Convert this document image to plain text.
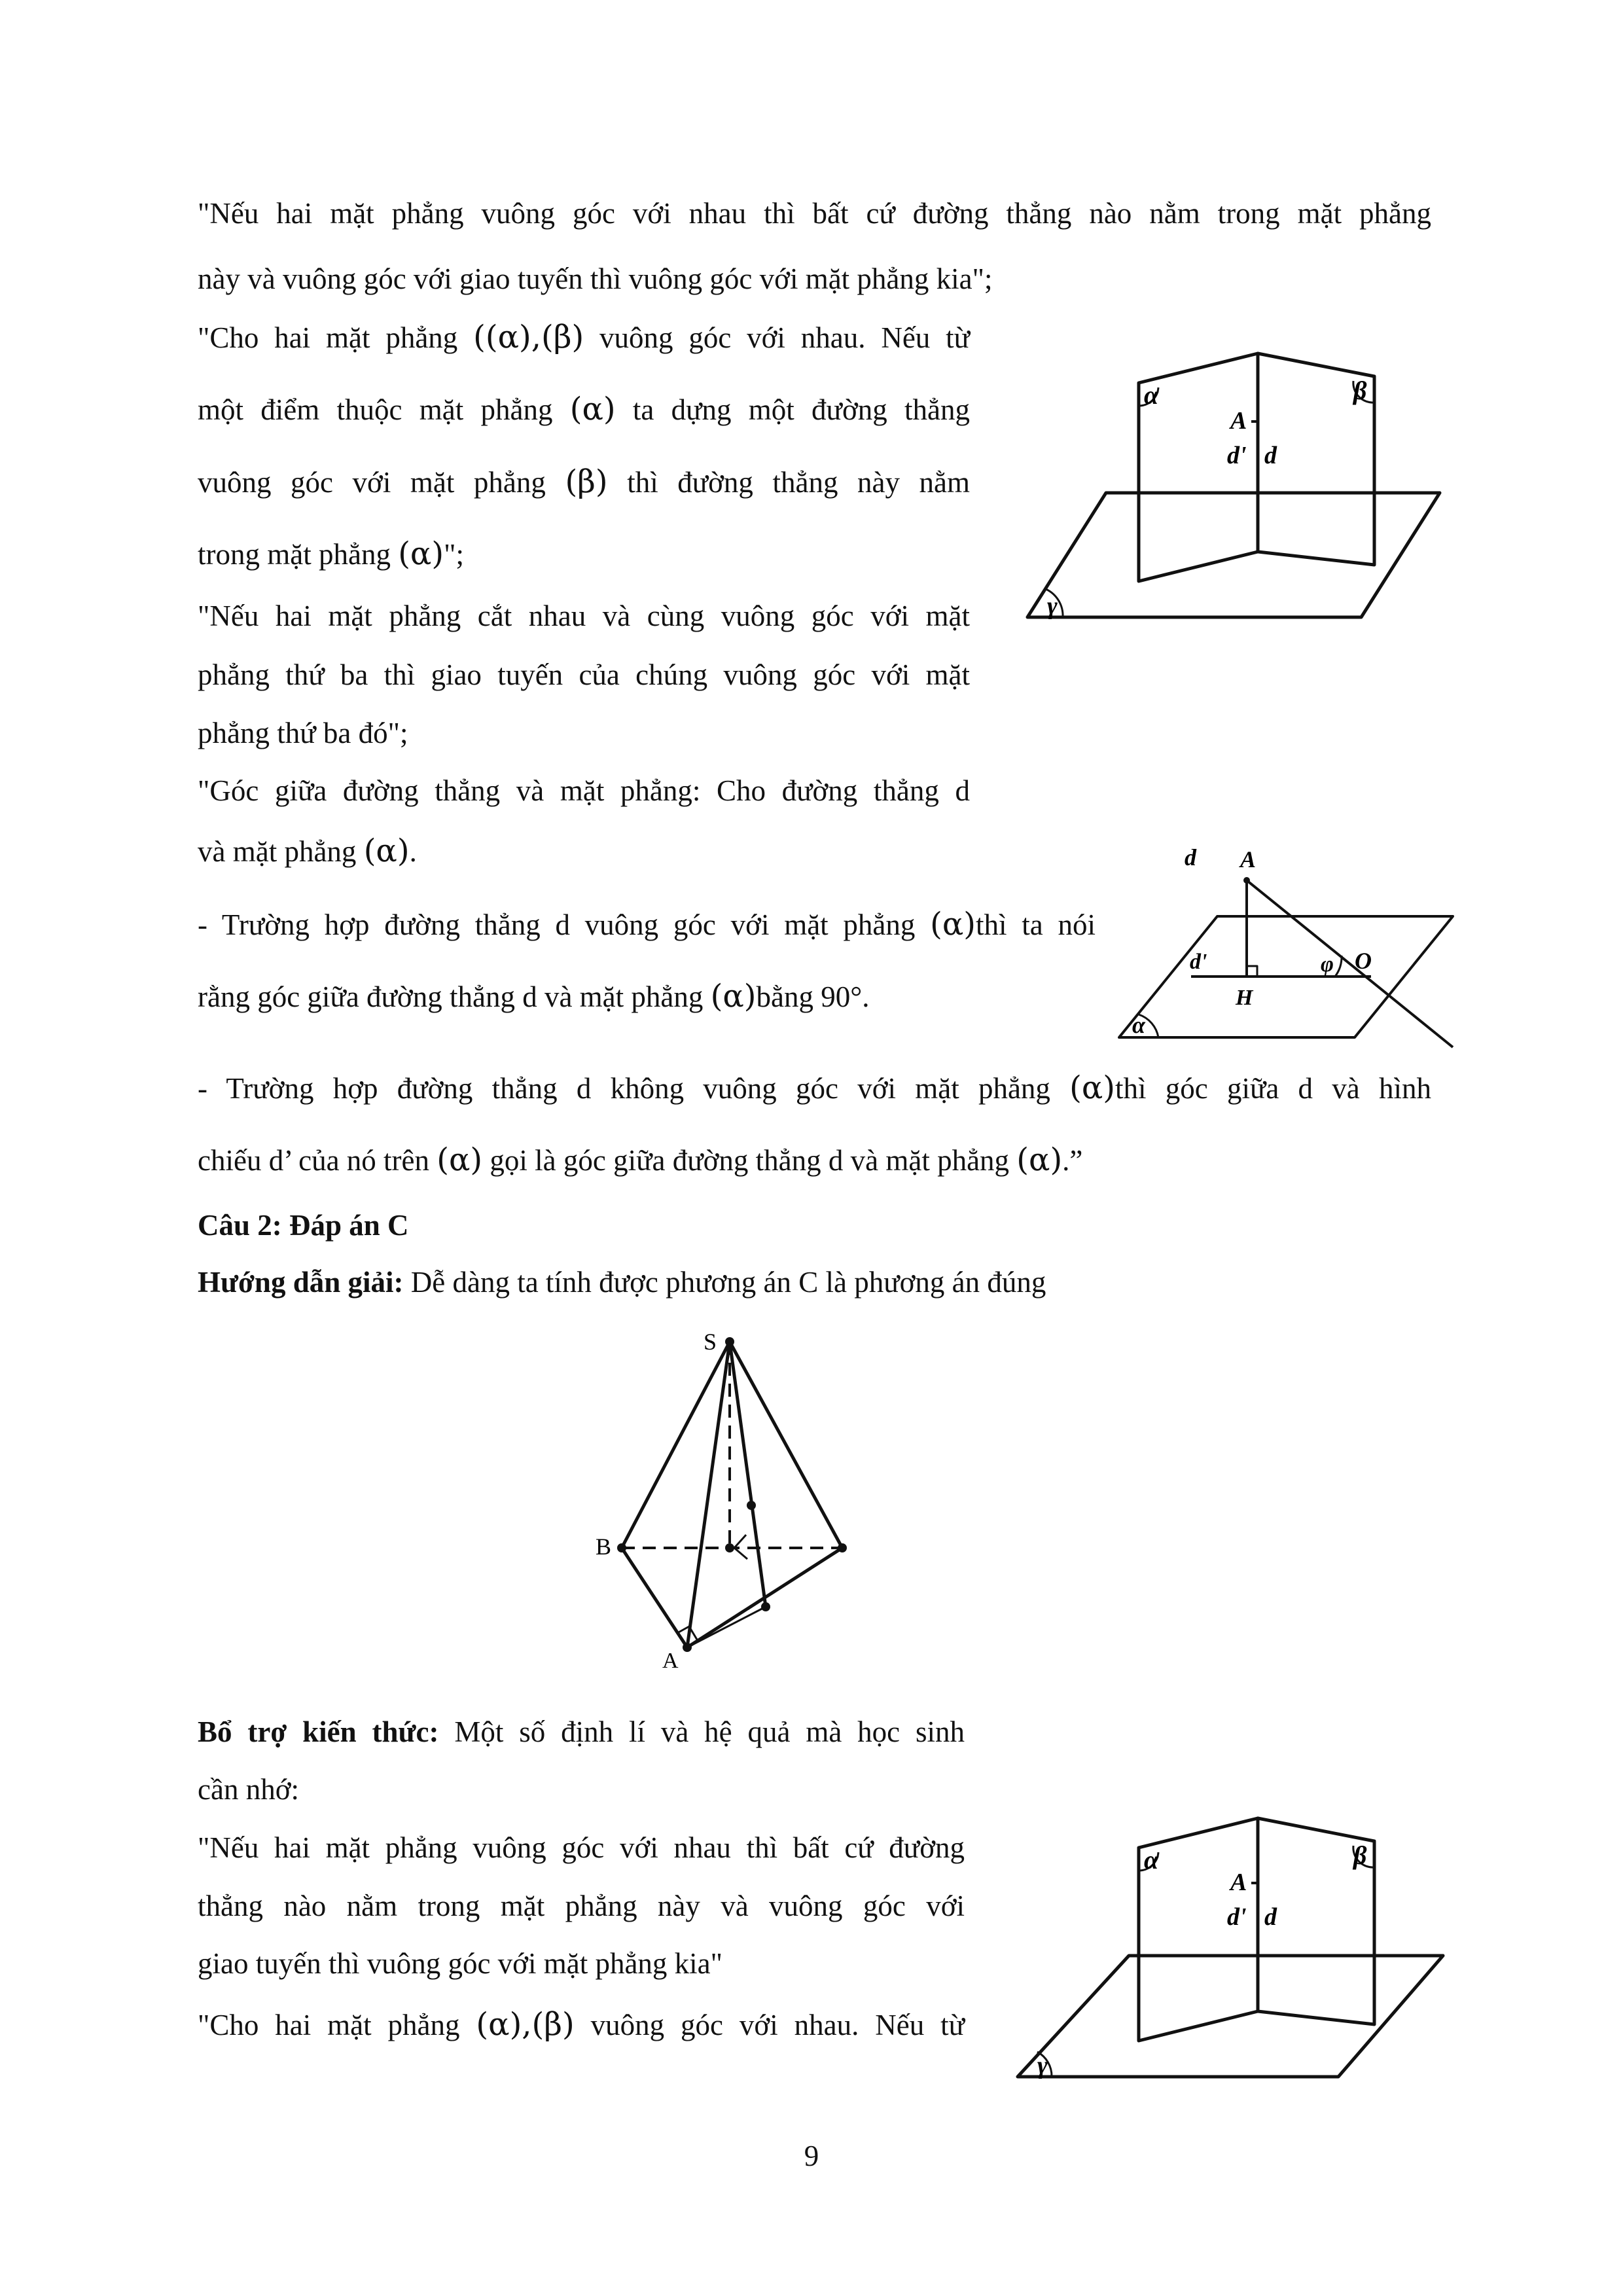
"Nếu hai mặt phẳng vuông góc với nhau thì bất cứ đường thẳng nào nằm trong mặt phẳng
này và vuông góc với giao tuyến thì vuông góc với mặt phẳng kia";
"Cho hai mặt phẳng ((α),(β) vuông góc với nhau. Nếu từ
một điểm thuộc mặt phẳng (α) ta dựng một đường thẳng
vuông góc với mặt phẳng (β) thì đường thẳng này nằm
trong mặt phẳng (α)";
"Nếu hai mặt phẳng cắt nhau và cùng vuông góc với mặt
phẳng thứ ba thì giao tuyến của chúng vuông góc với mặt
phẳng thứ ba đó";
"Góc giữa đường thẳng và mặt phẳng: Cho đường thẳng d
và mặt phẳng (α).
- Trường hợp đường thẳng d vuông góc với mặt phẳng (α)thì ta nói
rằng góc giữa đường thẳng d và mặt phẳng (α)bằng 90°.
- Trường hợp đường thẳng d không vuông góc với mặt phẳng (α)thì góc giữa d và hình
chiếu d’ của nó trên (α) gọi là góc giữa đường thẳng d và mặt phẳng (α).”
Câu 2: Đáp án C
Hướng dẫn giải: Dễ dàng ta tính được phương án C là phương án đúng
Bổ trợ kiến thức: Một số định lí và hệ quả mà học sinh
cần nhớ:
"Nếu hai mặt phẳng vuông góc với nhau thì bất cứ đường
thẳng nào nằm trong mặt phẳng này và vuông góc với
giao tuyến thì vuông góc với mặt phẳng kia"
"Cho hai mặt phẳng (α),(β) vuông góc với nhau. Nếu từ
α	β
A
d' d
γ
d A
d'	φ O
H
α
S
B
A
α	β
A
d' d
γ
9
